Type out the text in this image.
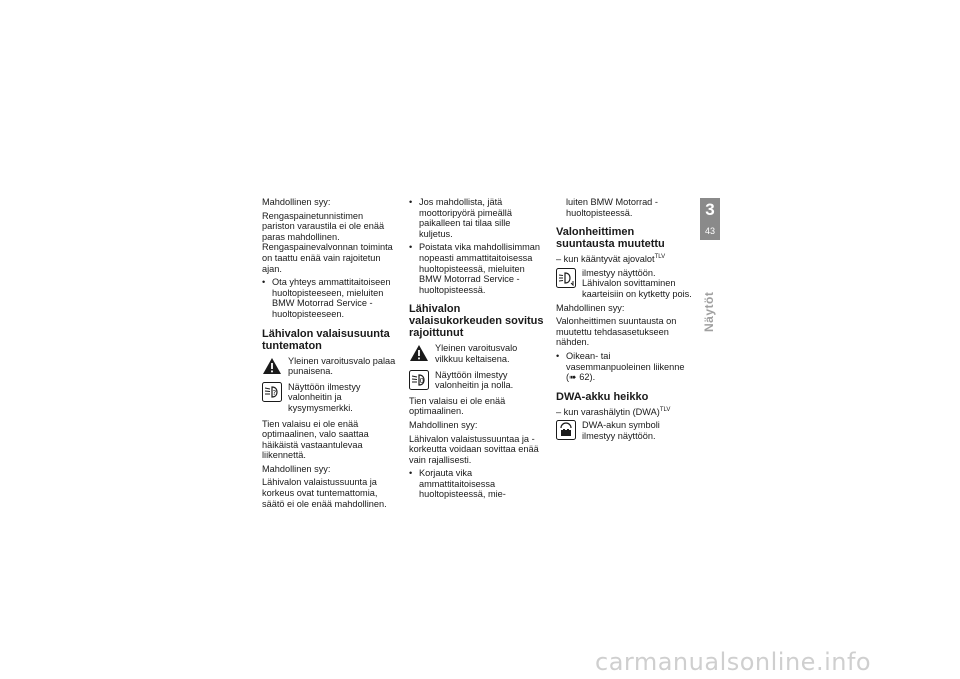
Mahdollinen syy:

Rengaspainetunnistimen pariston varaustila ei ole enää paras mahdollinen. Rengaspainevalvonnan toiminta on taattu enää vain rajoitetun ajan.

• Ota yhteys ammattitaitoiseen huoltopisteeseen, mieluiten BMW Motorrad Service -huoltopisteeseen.
Lähivalon valaisusuunta tuntematon
Yleinen varoitusvalo palaa punaisena.
?
Näyttöön ilmestyy valonheitin ja kysymysmerkki.

Tien valaisu ei ole enää optimaalinen, valo saattaa häikäistä vastaantulevaa liikennettä.

Mahdollinen syy:

Lähivalon valaistussuunta ja korkeus ovat tuntemattomia, säätö ei ole enää mahdollinen.

• Jos mahdollista, jätä moottoripyörä pimeällä paikalleen tai tilaa sille kuljetus.
• Poistata vika mahdollisimman nopeasti ammattitaitoisessa huoltopisteessä, mieluiten BMW Motorrad Service -huoltopisteessä.
Lähivalon valaisukorkeuden sovitus rajoittunut
Yleinen varoitusvalo vilkkuu keltaisena.
0
Näyttöön ilmestyy valonheitin ja nolla.

Tien valaisu ei ole enää optimaalinen.

Mahdollinen syy:

Lähivalon valaistussuuntaa ja -korkeutta voidaan sovittaa enää vain rajallisesti.

• Korjauta vika ammattitaitoisessa huoltopisteessä, mie-
luiten BMW Motorrad -huoltopisteessä.
Valonheittimen suuntausta muutettu

– kun kääntyvät ajovalot$^{TLV}$

ilmestyy näyttöön. Lähivalon sovittaminen kaarteisiin on kytketty pois.

Mahdollinen syy:

Valonheittimen suuntausta on muutettu tehdasasetukseen nähden.

• Oikean- tai vasemmanpuoleinen liikenne (➠ 62).
DWA-akku heikko

– kun varashälytin (DWA)$^{TLV}$

DWA-akun symboli ilmestyy näyttöön.
3
43
Näytöt
carmanualsonline.info
